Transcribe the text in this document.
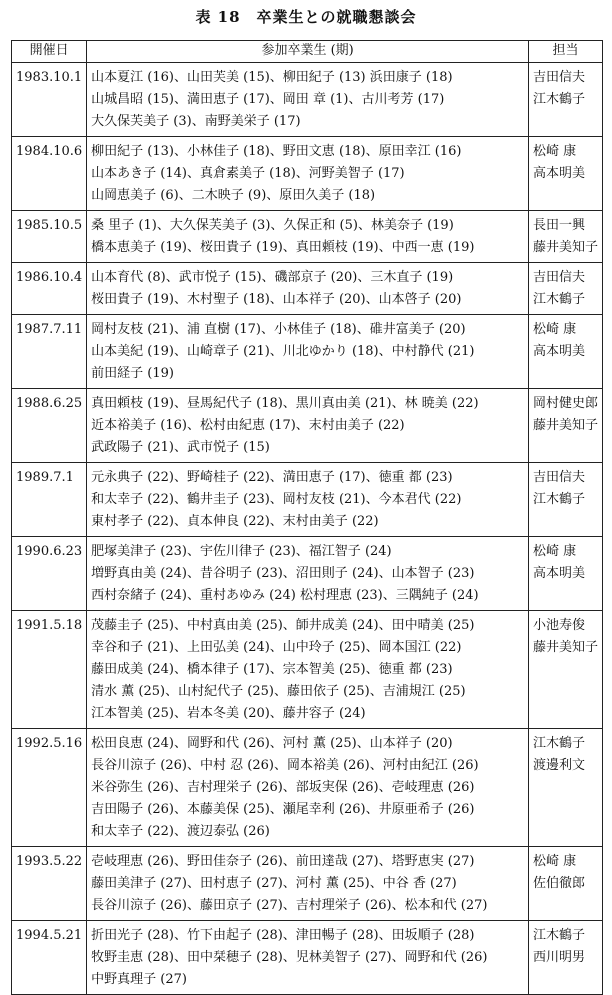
表 18　卒業生との就職懇談会
開催日	参加卒業生 (期)	担当
1983.10.1	山本夏江 (16)、山田芙美 (15)、柳田紀子 (13) 浜田康子 (18)
山城昌昭 (15)、満田恵子 (17)、岡田 章 (1)、古川考芳 (17)
大久保芙美子 (3)、南野美栄子 (17)	吉田信夫
江木鶴子

1984.10.6	柳田紀子 (13)、小林佳子 (18)、野田文恵 (18)、原田幸江 (16)
山本あき子 (14)、真倉素美子 (18)、河野美智子 (17)
山岡恵美子 (6)、二木映子 (9)、原田久美子 (18)	松崎 康
高本明美

1985.10.5	桑 里子 (1)、大久保芙美子 (3)、久保正和 (5)、林美奈子 (19)
橋本恵美子 (19)、桜田貴子 (19)、真田頼枝 (19)、中西一恵 (19)	長田一興
藤井美知子

1986.10.4	山本育代 (8)、武市悦子 (15)、磯部京子 (20)、三木直子 (19)
桜田貴子 (19)、木村聖子 (18)、山本祥子 (20)、山本啓子 (20)	吉田信夫
江木鶴子

1987.7.11	岡村友枝 (21)、浦 直樹 (17)、小林佳子 (18)、碓井富美子 (20)
山本美紀 (19)、山崎章子 (21)、川北ゆかり (18)、中村静代 (21)
前田経子 (19)	松崎 康
高本明美

1988.6.25	真田頼枝 (19)、昼馬紀代子 (18)、黒川真由美 (21)、林 暁美 (22)
近本裕美子 (16)、松村由紀恵 (17)、末村由美子 (22)
武政陽子 (21)、武市悦子 (15)	岡村健史郎
藤井美知子

1989.7.1	元永典子 (22)、野崎桂子 (22)、満田恵子 (17)、徳重 都 (23)
和太幸子 (22)、鶴井圭子 (23)、岡村友枝 (21)、今本君代 (22)
東村孝子 (22)、貞本伸良 (22)、末村由美子 (22)	吉田信夫
江木鶴子

1990.6.23	肥塚美津子 (23)、宇佐川律子 (23)、福江智子 (24)
増野真由美 (24)、昔谷明子 (23)、沼田則子 (24)、山本智子 (23)
西村奈緒子 (24)、重村あゆみ (24) 松村理恵 (23)、三隅純子 (24)	松崎 康
高本明美

1991.5.18	茂藤圭子 (25)、中村真由美 (25)、師井成美 (24)、田中晴美 (25)
幸谷和子 (21)、上田弘美 (24)、山中玲子 (25)、岡本国江 (22)
藤田成美 (24)、橋本律子 (17)、宗本智美 (25)、徳重 都 (23)
清水 薫 (25)、山村紀代子 (25)、藤田依子 (25)、吉浦規江 (25)
江本智美 (25)、岩本冬美 (20)、藤井容子 (24)	小池寿俊
藤井美知子

1992.5.16	松田良恵 (24)、岡野和代 (26)、河村 薫 (25)、山本祥子 (20)
長谷川涼子 (26)、中村 忍 (26)、岡本裕美 (26)、河村由紀江 (26)
米谷弥生 (26)、吉村理栄子 (26)、部坂実保 (26)、壱岐理恵 (26)
吉田陽子 (26)、本藤美保 (25)、瀬尾幸利 (26)、井原亜希子 (26)
和太幸子 (22)、渡辺泰弘 (26)	江木鶴子
渡邊利文

1993.5.22	壱岐理恵 (26)、野田佳奈子 (26)、前田達哉 (27)、塔野恵実 (27)
藤田美津子 (27)、田村恵子 (27)、河村 薫 (25)、中谷 香 (27)
長谷川涼子 (26)、藤田京子 (27)、吉村理栄子 (26)、松本和代 (27)	松崎 康
佐伯徹郎

1994.5.21	折田光子 (28)、竹下由起子 (28)、津田暢子 (28)、田坂順子 (28)
牧野圭恵 (28)、田中栞穂子 (28)、児林美智子 (27)、岡野和代 (26)
中野真理子 (27)	江木鶴子
西川明男
